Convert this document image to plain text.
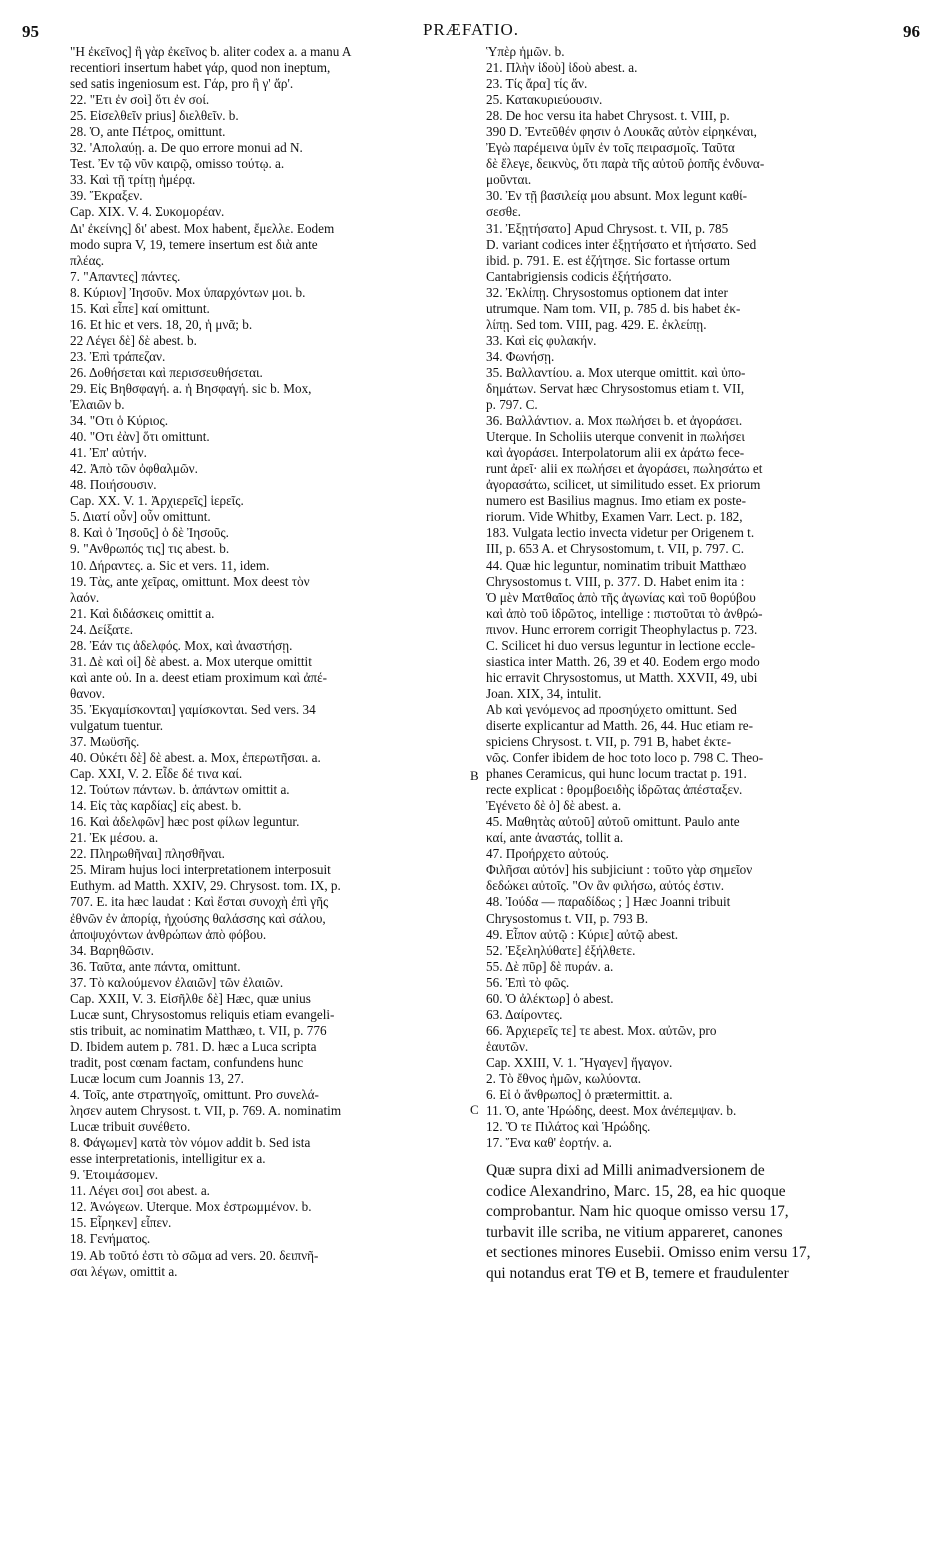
95	PRÆFATIO.	96
"Η ἐκεῖνος] ἢ γὰρ ἐκεῖνος b. aliter codex a. a manu A
recentiori insertum habet γάρ, quod non ineptum,
sed satis ingeniosum est. Γάρ, pro ἢ γ' ἄρ'.
22. "Ετι ἐν σοὶ] ὅτι ἐν σοί.
25. Εἰσελθεῖν prius] διελθεῖν. b.
28. Ὁ, ante Πέτρος, omittunt.
32. 'Απολαύῃ. a. De quo errore monui ad N.
Test. Ἐν τῷ νῦν καιρῷ, omisso τούτῳ. a.
33. Καὶ τῇ τρίτῃ ἡμέρᾳ.
39. Ἔκραξεν.
Cap. XIX. V. 4. Συκομορέαν.
Δι' ἐκείνης] δι' abest. Mox habent, ἔμελλε. Eodem
modo supra V, 19, temere insertum est διὰ ante
πλέας.
7. "Απαντες] πάντες.
8. Κύριον] Ἰησοῦν. Mox ὑπαρχόντων μοι. b.
15. Καὶ εἶπε] καί omittunt.
16. Et hic et vers. 18, 20, ἡ μνᾶ; b.
22 Λέγει δὲ] δὲ abest. b.
23. Ἐπὶ τράπεζαν.
26. Δοθήσεται καὶ περισσευθήσεται.
29. Εἰς Βηθσφαγή. a. ἡ Βησφαγή. sic b. Mox,
Ἐλαιῶν b.
34. "Οτι ὁ Κύριος.
40. "Οτι ἐὰν] ὅτι omittunt.
41. Ἐπ' αὐτήν.
42. Ἀπὸ τῶν ὀφθαλμῶν.
48. Ποιήσουσιν.
Cap. XX. V. 1. Ἀρχιερεῖς] ἱερεῖς.
5. Διατί οὖν] οὖν omittunt.
8. Καὶ ὁ Ἰησοῦς] ὁ δὲ Ἰησοῦς.
9. "Ανθρωπός τις] τις abest. b.
10. Δήραντες. a. Sic et vers. 11, idem.
19. Τὰς, ante χεῖρας, omittunt. Mox deest τὸν
λαόν.
21. Καὶ διδάσκεις omittit a.
24. Δείξατε.
28. Ἐάν τις ἀδελφός. Mox, καὶ ἀναστήσῃ.
31. Δὲ καὶ οἱ] δὲ abest. a. Mox uterque omittit
καὶ ante οὐ. In a. deest etiam proximum καὶ ἀπέ-
θανον.
35. Ἐκγαμίσκονται] γαμίσκονται. Sed vers. 34
vulgatum tuentur.
37. Μωϋσῆς.
40. Οὐκέτι δὲ] δὲ abest. a. Mox, ἐπερωτῆσαι. a.
Cap. XXI, V. 2. Εἶδε δέ τινα καί.
12. Τούτων πάντων. b. ἁπάντων omittit a.
14. Εἰς τὰς καρδίας] εἰς abest. b.
16. Καὶ ἀδελφῶν] hæc post φίλων leguntur.
21. Ἐκ μέσου. a.
22. Πληρωθῆναι] πλησθῆναι.
25. Miram hujus loci interpretationem interposuit
Euthym. ad Matth. XXIV, 29. Chrysost. tom. IX, p.
707. E. ita hæc laudat : Καὶ ἔσται συνοχὴ ἐπὶ γῆς
ἐθνῶν ἐν ἀπορίᾳ, ἠχούσης θαλάσσης καὶ σάλου,
ἀποψυχόντων ἀνθρώπων ἀπὸ φόβου.
34. Βαρηθῶσιν.
36. Ταῦτα, ante πάντα, omittunt.
37. Τὸ καλούμενον ἐλαιῶν] τῶν ἐλαιῶν.
Cap. XXII, V. 3. Εἰσῆλθε δὲ] Hæc, quæ unius
Lucæ sunt, Chrysostomus reliquis etiam evangeli-
stis tribuit, ac nominatim Matthæo, t. VII, p. 776
D. Ibidem autem p. 781. D. hæc a Luca scripta
tradit, post cœnam factam, confundens hunc
Lucæ locum cum Joannis 13, 27.
4. Τοῖς, ante στρατηγοῖς, omittunt. Pro συνελά-
λησεν autem Chrysost. t. VII, p. 769. A. nominatim
Lucæ tribuit συνέθετο.
8. Φάγωμεν] κατὰ τὸν νόμον addit b. Sed ista
esse interpretationis, intelligitur ex a.
9. Ἑτοιμάσομεν.
11. Λέγει σοι] σοι abest. a.
12. Ἀνώγεων. Uterque. Mox ἐστρωμμένον. b.
15. Εἶρηκεν] εἶπεν.
18. Γενήματος.
19. Ab τοῦτό ἐστι τὸ σῶμα ad vers. 20. δειπνῆ-
σαι λέγων, omittit a.
Ὑπὲρ ἡμῶν. b.
21. Πλὴν ἰδοὺ] ἰδοὺ abest. a.
23. Τίς ἄρα] τίς ἄν.
25. Κατακυριεύουσιν.
28. De hoc versu ita habet Chrysost. t. VIII, p.
390 D. Ἐντεῦθέν φησιν ὁ Λουκᾶς αὐτὸν εἰρηκέναι,
Ἐγὼ παρέμεινα ὑμῖν ἐν τοῖς πειρασμοῖς. Ταῦτα
δὲ ἔλεγε, δεικνὺς, ὅτι παρὰ τῆς αὐτοῦ ῥοπῆς ἐνδυνα-
μοῦνται.
30. Ἐν τῇ βασιλείᾳ μου absunt. Mox legunt καθί-
σεσθε.
31. Ἐξῃτήσατο] Apud Chrysost. t. VII, p. 785
D. variant codices inter ἐξῃτήσατο et ἠτήσατο. Sed
ibid. p. 791. E. est ἐζήτησε. Sic fortasse ortum
Cantabrigiensis codicis ἐξήτήσατο.
32. Ἐκλίπῃ. Chrysostomus optionem dat inter
utrumque. Nam tom. VII, p. 785 d. bis habet ἐκ-
λίπῃ. Sed tom. VIII, pag. 429. E. ἐκλείπῃ.
33. Καὶ εἰς φυλακήν.
34. Φωνήσῃ.
35. Βαλλαντίου. a. Mox uterque omittit. καὶ ὑπο-
δημάτων. Servat hæc Chrysostomus etiam t. VII,
p. 797. C.
36. Βαλλάντιον. a. Mox πωλήσει b. et ἀγοράσει.
Uterque. In Scholiis uterque convenit in πωλήσει
καὶ ἀγοράσει. Interpolatorum alii ex ἀράτω fece-
runt ἀρεῖ· alii ex πωλήσει et ἀγοράσει, πωλησάτω et
ἀγορασάτω, scilicet, ut similitudo esset. Ex priorum
numero est Basilius magnus. Imo etiam ex poste-
riorum. Vide Whitby, Examen Varr. Lect. p. 182,
183. Vulgata lectio invecta videtur per Origenem t.
III, p. 653 A. et Chrysostomum, t. VII, p. 797. C.
44. Quæ hic leguntur, nominatim tribuit Matthæo
Chrysostomus t. VIII, p. 377. D. Habet enim ita :
Ὁ μὲν Ματθαῖος ἀπὸ τῆς ἀγωνίας καὶ τοῦ θορύβου
καὶ ἀπὸ τοῦ ἱδρῶτος, intellige : πιστοῦται τὸ ἀνθρώ-
πινον. Hunc errorem corrigit Theophylactus p. 723.
C. Scilicet hi duo versus leguntur in lectione eccle-
siastica inter Matth. 26, 39 et 40. Eodem ergo modo
hic erravit Chrysostomus, ut Matth. XXVII, 49, ubi
Joan. XIX, 34, intulit.
Ab καὶ γενόμενος ad προσηύχετο omittunt. Sed
diserte explicantur ad Matth. 26, 44. Huc etiam re-
spiciens Chrysost. t. VII, p. 791 B, habet ἐκτε-
νῶς. Confer ibidem de hoc toto loco p. 798 C. Theo-
phanes Ceramicus, qui hunc locum tractat p. 191.
recte explicat : θρομβοειδὴς ἱδρῶτας ἀπέσταξεν.
Ἐγένετο δὲ ὁ] δὲ abest. a.
45. Μαθητὰς αὐτοῦ] αὐτοῦ omittunt. Paulo ante
καί, ante ἀναστάς, tollit a.
47. Προήρχετο αὐτούς.
Φιλῆσαι αὐτόν] his subjiciunt : τοῦτο γὰρ σημεῖον
δεδώκει αὐτοῖς. "Ον ἂν φιλήσω, αὐτός ἐστιν.
48. Ἰούδα — παραδίδως ; ] Hæc Joanni tribuit
Chrysostomus t. VII, p. 793 B.
49. Εἶπον αὐτῷ : Κύριε] αὐτῷ abest.
52. Ἐξεληλύθατε] ἐξήλθετε.
55. Δὲ πῦρ] δὲ πυράν. a.
56. Ἐπὶ τὸ φῶς.
60. Ὁ ἀλέκτωρ] ὁ abest.
63. Δαίροντες.
66. Ἀρχιερεῖς τε] τε abest. Mox. αὐτῶν, pro
ἑαυτῶν.
Cap. XXIII, V. 1. Ἤγαγεν] ἤγαγον.
2. Τὸ ἔθνος ἡμῶν, κωλύοντα.
6. Εἰ ὁ ἄνθρωπος] ὁ prætermittit. a.
11. Ὁ, ante Ἡρώδης, deest. Mox ἀνέπεμψαν. b.
12. Ὅ τε Πιλάτος καὶ Ἡρώδης.
17. Ἕνα καθ' ἑορτήν. a.
Quæ supra dixi ad Milli animadversionem de
codice Alexandrino, Marc. 15, 28, ea hic quoque
comprobantur. Nam hic quoque omisso versu 17,
turbavit ille scriba, ne vitium appareret, canones
et sectiones minores Eusebii. Omisso enim versu 17,
qui notandus erat ΤΘ et Β, temere et fraudulenter
B
C
